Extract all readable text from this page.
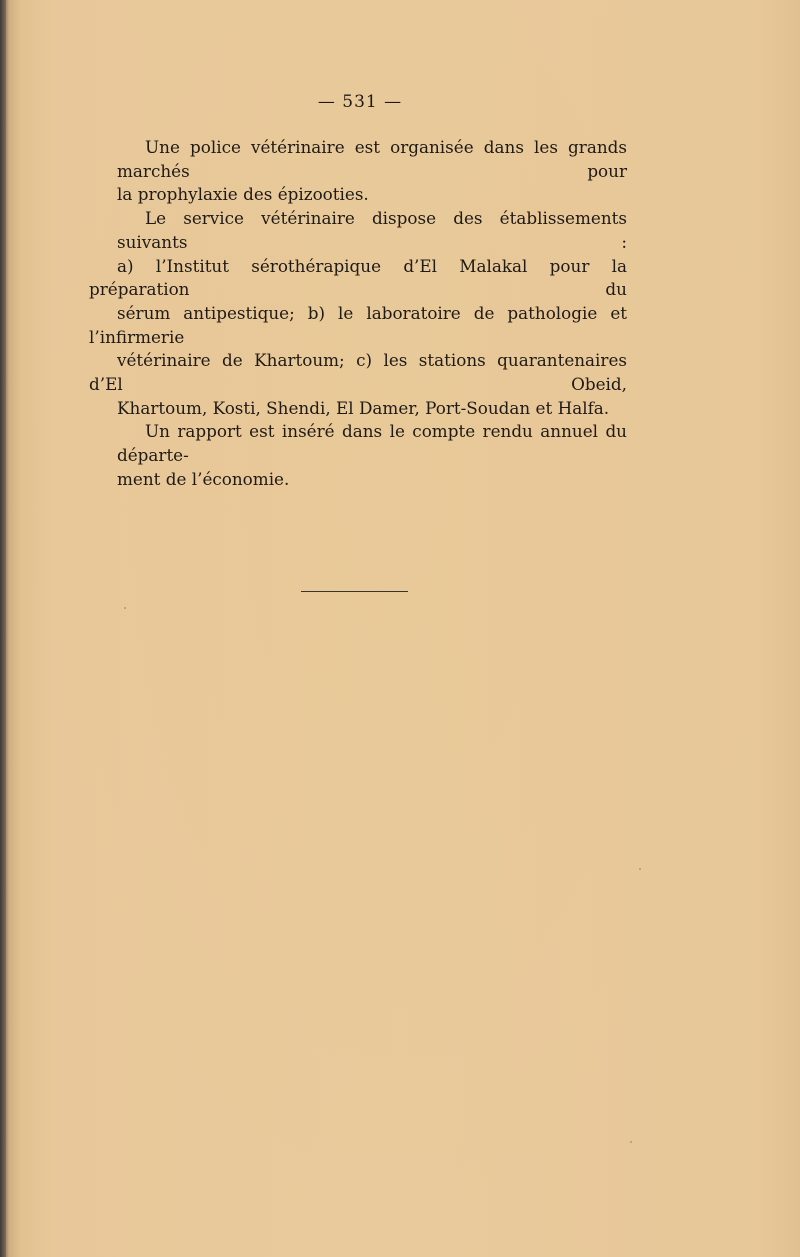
— 531 —

Une police vétérinaire est organisée dans les grands marchés pour
la prophylaxie des épizooties.

Le service vétérinaire dispose des établissements suivants :
a) l’Institut sérothérapique d’El Malakal pour la préparation du
sérum antipestique; b) le laboratoire de pathologie et l’infirmerie
vétérinaire de Khartoum; c) les stations quarantenaires d’El Obeid,
Khartoum, Kosti, Shendi, El Damer, Port-Soudan et Halfa.

Un rapport est inséré dans le compte rendu annuel du départe-
ment de l’économie.
